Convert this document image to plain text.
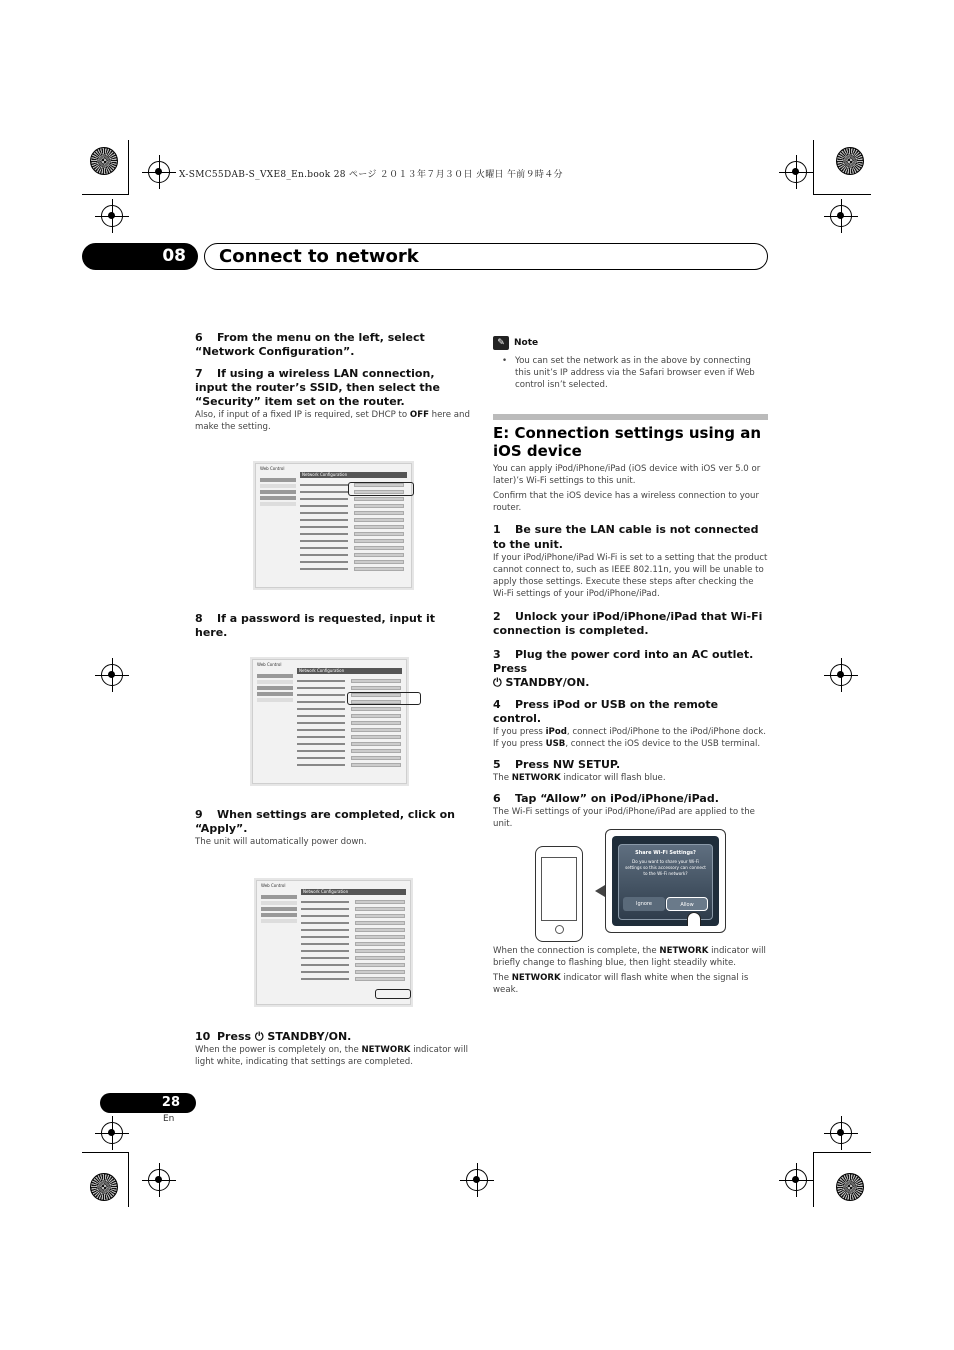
X-SMC55DAB-S_VXE8_En.book 28 ページ ２０１３年７月３０日 火曜日 午前９時４分
08	Connect to network
6 From the menu on the left, select “Network Configuration”.
7 If using a wireless LAN connection, input the router’s SSID, then select the “Security” item set on the router.
Also, if input of a fixed IP is required, set DHCP to OFF here and make the setting.
Web Control
Network Configuration
8 If a password is requested, input it here.
Web Control
Network Configuration
9 When settings are completed, click on “Apply”.
The unit will automatically power down.
Web Control
Network Configuration
10 Press ⏻ STANDBY/ON.
When the power is completely on, the NETWORK indicator will light white, indicating that settings are completed.
✎	Note
• You can set the network as in the above by connecting this unit’s IP address via the Safari browser even if Web control isn’t selected.
E: Connection settings using an iOS device
You can apply iPod/iPhone/iPad (iOS device with iOS ver 5.0 or later)’s Wi-Fi settings to this unit.
Confirm that the iOS device has a wireless connection to your router.
1 Be sure the LAN cable is not connected to the unit.
If your iPod/iPhone/iPad Wi-Fi is set to a setting that the product cannot connect to, such as IEEE 802.11n, you will be unable to apply those settings. Execute these steps after checking the Wi-Fi settings of your iPod/iPhone/iPad.
2 Unlock your iPod/iPhone/iPad that Wi-Fi connection is completed.
3 Plug the power cord into an AC outlet. Press
⏻ STANDBY/ON.
4 Press iPod or USB on the remote control.
If you press iPod, connect iPod/iPhone to the iPod/iPhone dock. If you press USB, connect the iOS device to the USB terminal.
5 Press NW SETUP.
The NETWORK indicator will flash blue.
6 Tap “Allow” on iPod/iPhone/iPad.
The Wi-Fi settings of your iPod/iPhone/iPad are applied to the unit.
Share Wi-Fi Settings?
Do you want to share your Wi-Fi settings so this accessory can connect to the Wi-Fi network?
Ignore	Allow
When the connection is complete, the NETWORK indicator will briefly change to flashing blue, then light steadily white.
The NETWORK indicator will flash white when the signal is weak.
28
En
